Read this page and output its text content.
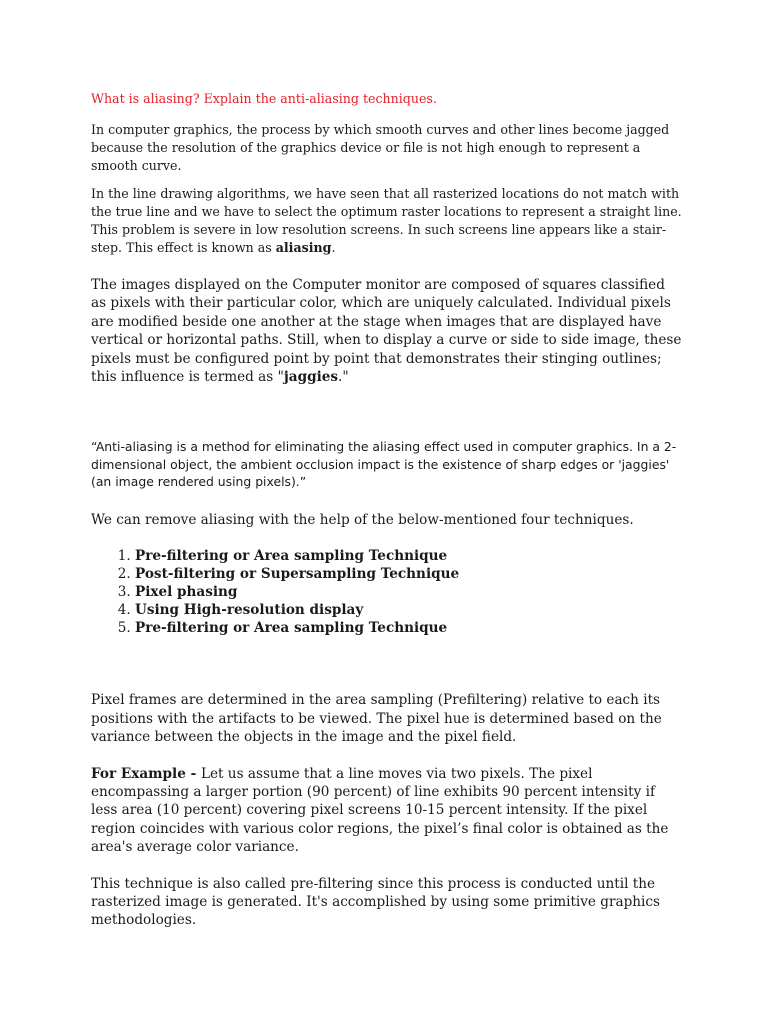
What is aliasing? Explain the anti-aliasing techniques.

In computer graphics, the process by which smooth curves and other lines become jagged because the resolution of the graphics device or file is not high enough to represent a smooth curve.

In the line drawing algorithms, we have seen that all rasterized locations do not match with the true line and we have to select the optimum raster locations to represent a straight line. This problem is severe in low resolution screens. In such screens line appears like a stair-step. This effect is known as aliasing.

The images displayed on the Computer monitor are composed of squares classified as pixels with their particular color, which are uniquely calculated. Individual pixels are modified beside one another at the stage when images that are displayed have vertical or horizontal paths. Still, when to display a curve or side to side image, these pixels must be configured point by point that demonstrates their stinging outlines; this influence is termed as "jaggies."

“Anti-aliasing is a method for eliminating the aliasing effect used in computer graphics. In a 2-dimensional object, the ambient occlusion impact is the existence of sharp edges or 'jaggies' (an image rendered using pixels).”

We can remove aliasing with the help of the below-mentioned four techniques.

1. Pre-filtering or Area sampling Technique
2. Post-filtering or Supersampling Technique
3. Pixel phasing
4. Using High-resolution display
5. Pre-filtering or Area sampling Technique

Pixel frames are determined in the area sampling (Prefiltering) relative to each its positions with the artifacts to be viewed. The pixel hue is determined based on the variance between the objects in the image and the pixel field.

For Example - Let us assume that a line moves via two pixels. The pixel encompassing a larger portion (90 percent) of line exhibits 90 percent intensity if less area (10 percent) covering pixel screens 10-15 percent intensity. If the pixel region coincides with various color regions, the pixel’s final color is obtained as the area's average color variance.

This technique is also called pre-filtering since this process is conducted until the rasterized image is generated. It's accomplished by using some primitive graphics methodologies.
